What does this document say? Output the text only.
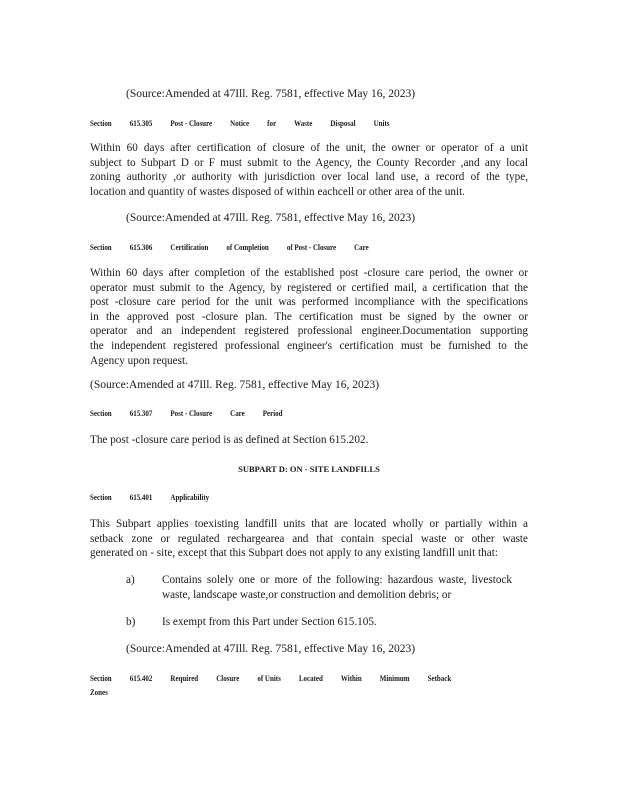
(Source:Amended at 47Ill. Reg. 7581, effective May 16, 2023)
Section 615.305 Post - Closure Notice for Waste Disposal Units
Within 60 days after certification of closure of the unit, the owner or operator of a unit
subject to Subpart D or F must submit to the Agency, the County Recorder ,and any local
zoning authority ,or authority with jurisdiction over local land use, a record of the type,
location and quantity of wastes disposed of within eachcell or other area of the unit.
(Source:Amended at 47Ill. Reg. 7581, effective May 16, 2023)
Section 615.306 Certification of Completion of Post - Closure Care
Within 60 days after completion of the established post -closure care period, the owner or
operator must submit to the Agency, by registered or certified mail, a certification that the
post -closure care period for the unit was performed incompliance with the specifications
in the approved post -closure plan. The certification must be signed by the owner or
operator and an independent registered professional engineer.Documentation supporting
the independent registered professional engineer's certification must be furnished to the
Agency upon request.
(Source:Amended at 47Ill. Reg. 7581, effective May 16, 2023)
Section 615.307 Post - Closure Care Period
The post -closure care period is as defined at Section 615.202.
SUBPART D: ON - SITE LANDFILLS
Section 615.401 Applicability
This Subpart applies toexisting landfill units that are located wholly or partially within a
setback zone or regulated rechargearea and that contain special waste or other waste
generated on - site, except that this Subpart does not apply to any existing landfill unit that:
a) Contains solely one or more of the following: hazardous waste, livestock
waste, landscape waste,or construction and demolition debris; or
b) Is exempt from this Part under Section 615.105.
(Source:Amended at 47Ill. Reg. 7581, effective May 16, 2023)
Section 615.402 Required Closure of Units Located Within Minimum Setback
Zones
